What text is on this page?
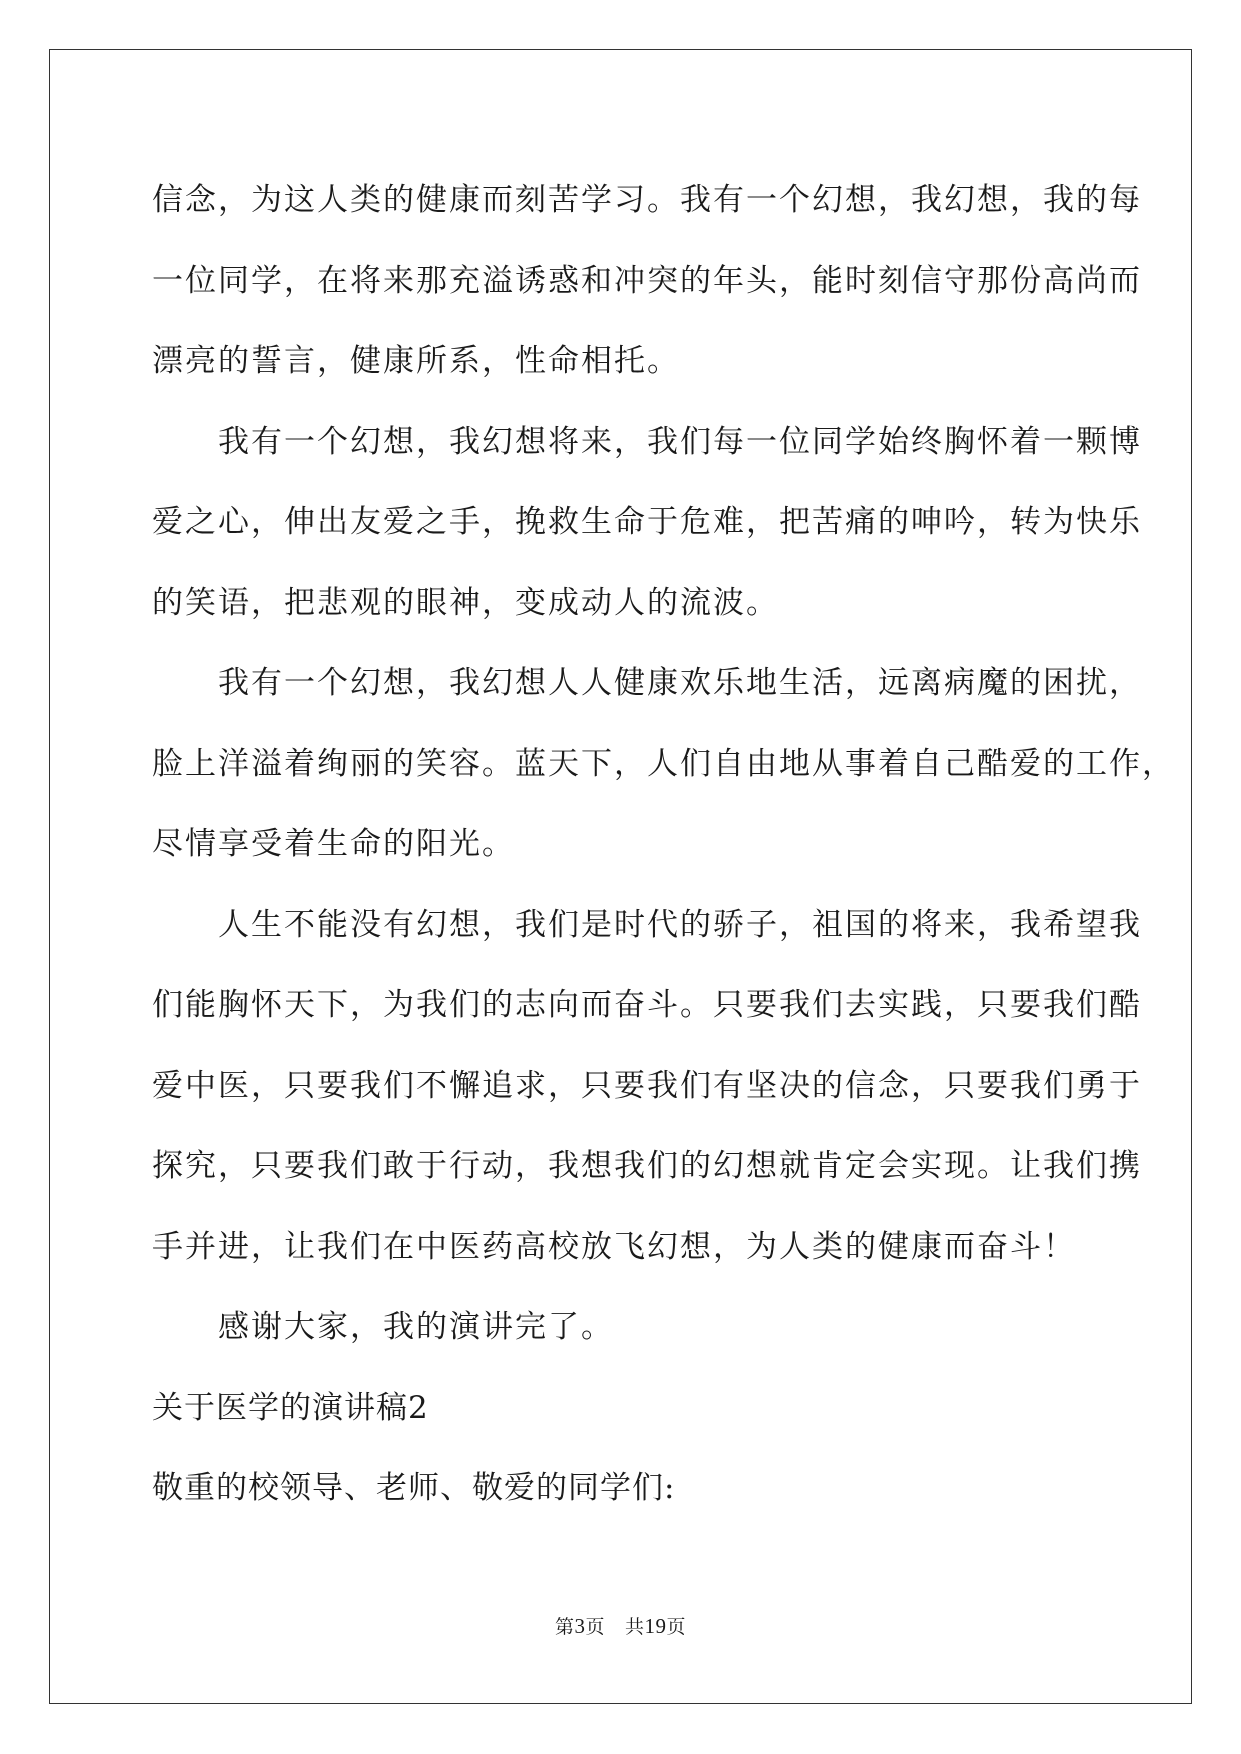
信念，为这人类的健康而刻苦学习。我有一个幻想，我幻想，我的每
一位同学，在将来那充溢诱惑和冲突的年头，能时刻信守那份高尚而
漂亮的誓言，健康所系，性命相托。
我有一个幻想，我幻想将来，我们每一位同学始终胸怀着一颗博
爱之心，伸出友爱之手，挽救生命于危难，把苦痛的呻吟，转为快乐
的笑语，把悲观的眼神，变成动人的流波。
我有一个幻想，我幻想人人健康欢乐地生活，远离病魔的困扰，
脸上洋溢着绚丽的笑容。蓝天下，人们自由地从事着自己酷爱的工作，
尽情享受着生命的阳光。
人生不能没有幻想，我们是时代的骄子，祖国的将来，我希望我
们能胸怀天下，为我们的志向而奋斗。只要我们去实践，只要我们酷
爱中医，只要我们不懈追求，只要我们有坚决的信念，只要我们勇于
探究，只要我们敢于行动，我想我们的幻想就肯定会实现。让我们携
手并进，让我们在中医药高校放飞幻想，为人类的健康而奋斗！
感谢大家，我的演讲完了。
关于医学的演讲稿2
敬重的校领导、老师、敬爱的同学们:
第3页 共19页
